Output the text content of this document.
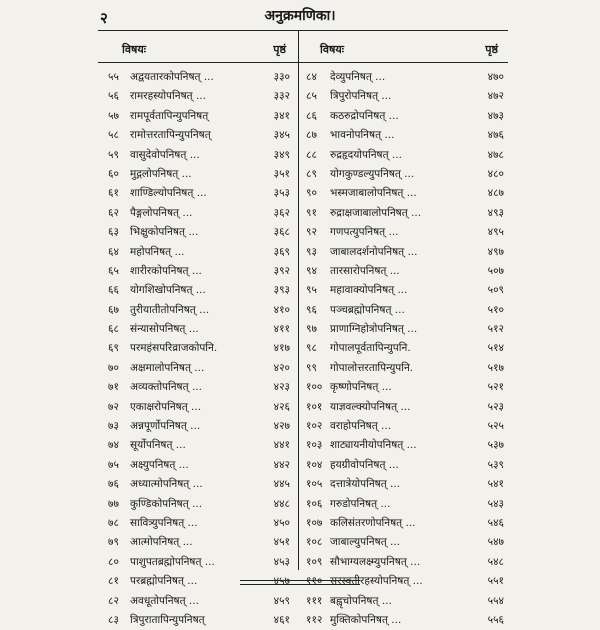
२	अनुक्रमणिका।
विषयः	पृष्ठं	विषयः	पृष्ठं
५५	अद्वयतारकोपनिषत् ...	३३०
५६	रामरहस्योपनिषत् ...	३३२
५७	रामपूर्वतापिन्युपनिषत्	३४१
५८	रामोत्तरतापिन्युपनिषत्	३४५
५९	वासुदेवोपनिषत् ...	३४९
६०	मुद्गलोपनिषत् ...	३५१
६१	शाण्डिल्योपनिषत् ...	३५३
६२	पैङ्गलोपनिषत् ...	३६२
६३	भिक्षुकोपनिषत् ...	३६८
६४	महोपनिषत् ...	३६९
६५	शारीरकोपनिषत् ...	३९२
६६	योगशिखोपनिषत् ...	३९३
६७	तुरीयातीतोपनिषत् ...	४१०
६८	संन्यासोपनिषत् ...	४११
६९	परमहंसपरिव्राजकोपनि.	४१७
७०	अक्षमालोपनिषत् ...	४२०
७१	अव्यक्तोपनिषत् ...	४२३
७२	एकाक्षरोपनिषत् ...	४२६
७३	अन्नपूर्णोपनिषत् ...	४२७
७४	सूर्योपनिषत् ...	४४१
७५	अक्ष्युपनिषत् ...	४४२
७६	अध्यात्मोपनिषत् ...	४४५
७७	कुण्डिकोपनिषत् ...	४४८
७८	सावित्र्युपनिषत् ...	४५०
७९	आत्मोपनिषत् ...	४५१
८०	पाशुपतब्रह्मोपनिषत् ...	४५३
८१	परब्रह्मोपनिषत् ...	४५७
८२	अवधूतोपनिषत् ...	४५९
८३	त्रिपुरातापिन्युपनिषत्	४६१
८४	देव्युपनिषत् ...	४७०
८५	त्रिपुरोपनिषत् ...	४७२
८६	कठरुद्रोपनिषत् ...	४७३
८७	भावनोपनिषत् ...	४७६
८८	रुद्रहृदयोपनिषत् ...	४७८
८९	योगकुण्डल्युपनिषत् ...	४८०
९०	भस्मजाबालोपनिषत् ...	४८७
९१	रुद्राक्षजाबालोपनिषत् ...	४९३
९२	गणपत्युपनिषत् ...	४९५
९३	जाबालदर्शनोपनिषत् ...	४९७
९४	तारसारोपनिषत् ...	५०७
९५	महावाक्योपनिषत् ...	५०९
९६	पञ्चब्रह्मोपनिषत् ...	५१०
९७	प्राणाग्निहोत्रोपनिषत् ...	५१२
९८	गोपालपूर्वतापिन्युपनि.	५१४
९९	गोपालोत्तरतापिन्युपनि.	५१७
१०० कृष्णोपनिषत् ...	५२१
१०१ याज्ञवल्क्योपनिषत् ...	५२३
१०२ वराहोपनिषत् ...	५२५
१०३ शाट्यायनीयोपनिषत् ...	५३७
१०४ हयग्रीवोपनिषत् ...	५३९
१०५ दत्तात्रेयोपनिषत् ...	५४१
१०६ गरुडोपनिषत् ...	५४३
१०७ कलिसंतरणोपनिषत् ...	५४६
१०८ जाबाल्युपनिषत् ...	५४७
१०९ सौभाग्यलक्ष्म्युपनिषत् ...	५४८
११० सरस्वतीरहस्योपनिषत् ...	५५१
१११ बह्वृचोपनिषत् ...	५५४
११२ मुक्तिकोपनिषत् ...	५५६
